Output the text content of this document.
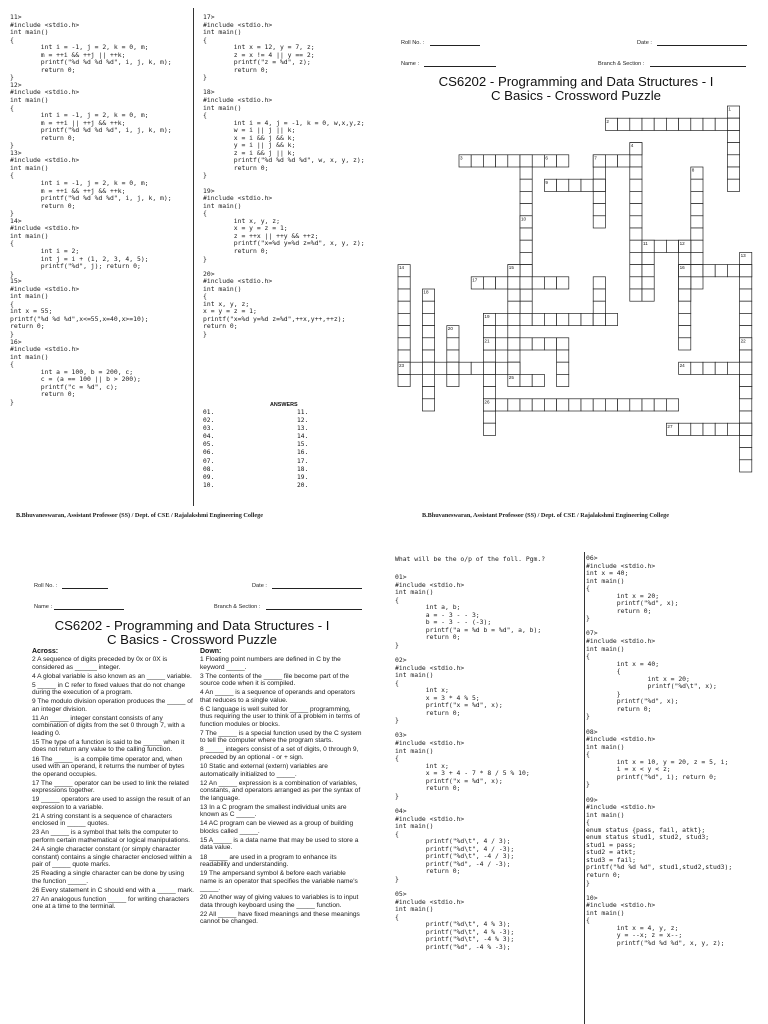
11>
#include <stdio.h>
int main()
{
int i = -1, j = 2, k = 0, m;
m = ++i && ++j || ++k;
printf("%d %d %d %d", i, j, k, m);
return 0;
}
12>
#include <stdio.h>
int main()
{
int i = -1, j = 2, k = 0, m;
m = ++i || ++j && ++k;
printf("%d %d %d %d", i, j, k, m);
return 0;
}
13>
#include <stdio.h>
int main()
{
int i = -1, j = 2, k = 0, m;
m = ++i && ++j && ++k;
printf("%d %d %d %d", i, j, k, m);
return 0;
}
14>
#include <stdio.h>
int main()
{
int i = 2;
int j = i + (1, 2, 3, 4, 5);
printf("%d", j); return 0;
}
15>
#include <stdio.h>
int main()
{
int x = 55;
printf("%d %d %d",x<=55,x=40,x>=10);
return 0;
}
16>
#include <stdio.h>
int main()
{
int a = 100, b = 200, c;
c = (a == 100 || b > 200);
printf("c = %d", c);
return 0;
}
17>
#include <stdio.h>
int main()
{
int x = 12, y = 7, z;
z = x != 4 || y == 2;
printf("z = %d", z);
return 0;
}

18>
#include <stdio.h>
int main()
{
int i = 4, j = -1, k = 0, w,x,y,z;
w = i || j || k;
x = i && j && k;
y = i || j && k;
z = i && j || k;
printf("%d %d %d %d", w, x, y, z);
return 0;
}

19>
#include <stdio.h>
int main()
{
int x, y, z;
x = y = z = 1;
z = ++x || ++y && ++z;
printf("x=%d y=%d z=%d", x, y, z);
return 0;
}

20>
#include <stdio.h>
int main()
{
int x, y, z;
x = y = z = 1;
printf("x=%d y=%d z=%d",++x,y++,++z);
return 0;
}
ANSWERS
01.
02.
03.
04.
05.
06.
07.
08.
09.
10.
11.
12.
13.
14.
15.
16.
17.
18.
19.
20.
B.Bhuvaneswaran, Assistant Professor (SS) / Dept. of CSE / Rajalakshmi Engineering College
Roll No. :	Date :
Name :	Branch & Section :
CS6202 - Programming and Data Structures - I
C Basics - Crossword Puzzle
1
2
3
4
6	7
8
9
10
11	12
13
14	15	16
17
18
19
20
21	22
23	24
25
26
27
B.Bhuvaneswaran, Assistant Professor (SS) / Dept. of CSE / Rajalakshmi Engineering College
Roll No. :	Date :
Name :	Branch & Section :
CS6202 - Programming and Data Structures - I
C Basics - Crossword Puzzle
Across:
2 A sequence of digits preceded by 0x or 0X is considered as ______ integer.
4 A global variable is also known as an _____ variable.
5 _____ in C refer to fixed values that do not change during the execution of a program.
9 The modulo division operation produces the _____ of an integer division.
11 An _____ integer constant consists of any combination of digits from the set 0 through 7, with a leading 0.
15 The type of a function is said to be _____ when it does not return any value to the calling function.
16 The _____ is a compile time operator and, when used with an operand, it returns the number of bytes the operand occupies.
17 The _____ operator can be used to link the related expressions together.
19 _____ operators are used to assign the result of an expression to a variable.
21 A string constant is a sequence of characters enclosed in _____ quotes.
23 An _____ is a symbol that tells the computer to perform certain mathematical or logical manipulations.
24 A single character constant (or simply character constant) contains a single character enclosed within a pair of _____ quote marks.
25 Reading a single character can be done by using the function _____.
26 Every statement in C should end with a _____ mark.
27 An analogous function _____ for writing characters one at a time to the terminal.
Down:
1 Floating point numbers are defined in C by the keyword _____.
3 The contents of the _____ file become part of the source code when it is compiled.
4 An _____ is a sequence of operands and operators that reduces to a single value.
6 C language is well suited for _____ programming, thus requiring the user to think of a problem in terms of function modules or blocks.
7 The _____ is a special function used by the C system to tell the computer where the program starts.
8 _____ integers consist of a set of digits, 0 through 9, preceded by an optional - or + sign.
10 Static and external (extern) variables are automatically initialized to _____.
12 An _____ expression is a combination of variables, constants, and operators arranged as per the syntax of the language.
13 In a C program the smallest individual units are known as C _____.
14 AC program can be viewed as a group of building blocks called _____.
15 A_____ is a data name that may be used to store a data value.
18 _____ are used in a program to enhance its readability and understanding.
19 The ampersand symbol & before each variable name is an operator that specifies the variable name's _____.
20 Another way of giving values to variables is to input data through keyboard using the _____ function.
22 All _____ have fixed meanings and these meanings cannot be changed.
What will be the o/p of the foll. Pgm.?
01>
#include <stdio.h>
int main()
{
int a, b;
a = - 3 - - 3;
b = - 3 - - (-3);
printf("a = %d b = %d", a, b);
return 0;
}

02>
#include <stdio.h>
int main()
{
int x;
x = 3 * 4 % 5;
printf("x = %d", x);
return 0;
}

03>
#include <stdio.h>
int main()
{
int x;
x = 3 + 4 - 7 * 8 / 5 % 10;
printf("x = %d", x);
return 0;
}

04>
#include <stdio.h>
int main()
{
printf("%d\t", 4 / 3);
printf("%d\t", 4 / -3);
printf("%d\t", -4 / 3);
printf("%d", -4 / -3);
return 0;
}

05>
#include <stdio.h>
int main()
{
printf("%d\t", 4 % 3);
printf("%d\t", 4 % -3);
printf("%d\t", -4 % 3);
printf("%d", -4 % -3);
06>
#include <stdio.h>
int x = 40;
int main()
{
int x = 20;
printf("%d", x);
return 0;
}

07>
#include <stdio.h>
int main()
{
int x = 40;
{
int x = 20;
printf("%d\t", x);
}
printf("%d", x);
return 0;
}

08>
#include <stdio.h>
int main()
{
int x = 10, y = 20, z = 5, i;
i = x < y < z;
printf("%d", i); return 0;
}

09>
#include <stdio.h>
int main()
{
enum status {pass, fail, atkt};
enum status stud1, stud2, stud3;
stud1 = pass;
stud2 = atkt;
stud3 = fail;
printf("%d %d %d", stud1,stud2,stud3);
return 0;
}

10>
#include <stdio.h>
int main()
{
int x = 4, y, z;
y = --x; z = x--;
printf("%d %d %d", x, y, z);
